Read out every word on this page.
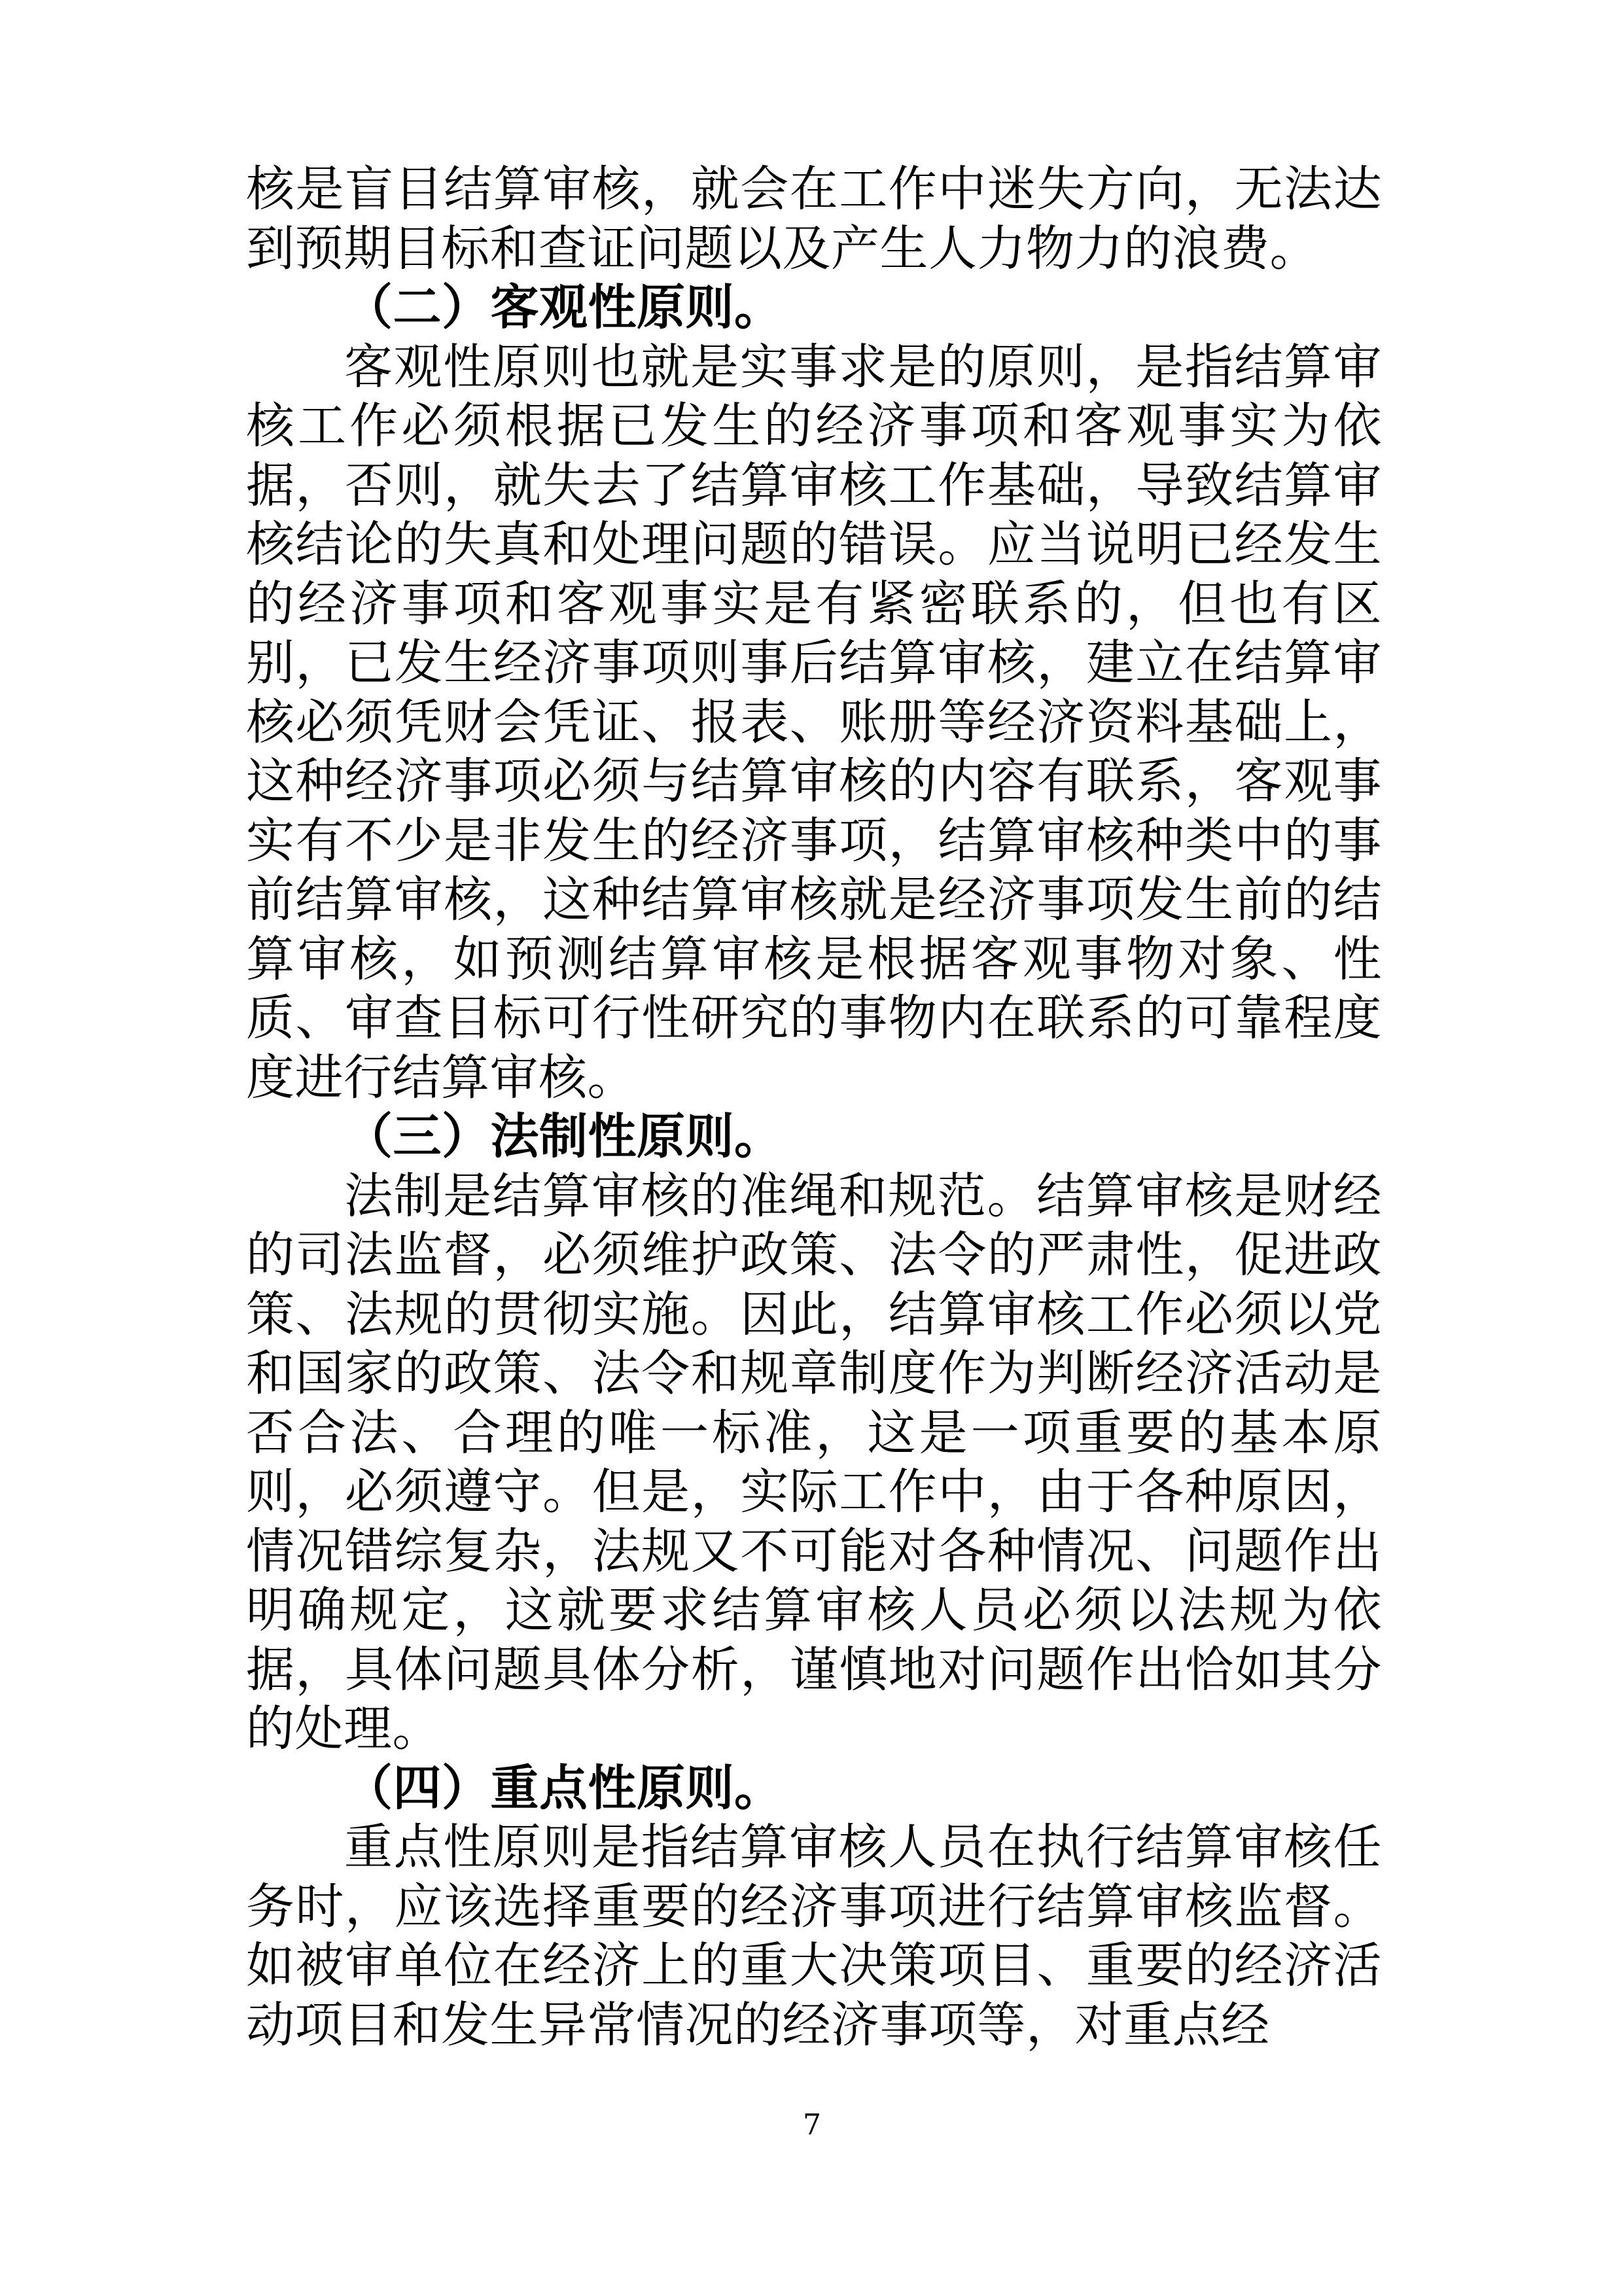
核是盲目结算审核，就会在工作中迷失方向，无法达到预期目标和查证问题以及产生人力物力的浪费。

（二）客观性原则。

客观性原则也就是实事求是的原则，是指结算审核工作必须根据已发生的经济事项和客观事实为依据，否则，就失去了结算审核工作基础，导致结算审核结论的失真和处理问题的错误。应当说明已经发生的经济事项和客观事实是有紧密联系的，但也有区别，已发生经济事项则事后结算审核，建立在结算审核必须凭财会凭证、报表、账册等经济资料基础上，这种经济事项必须与结算审核的内容有联系，客观事实有不少是非发生的经济事项，结算审核种类中的事前结算审核，这种结算审核就是经济事项发生前的结算审核，如预测结算审核是根据客观事物对象、性质、审查目标可行性研究的事物内在联系的可靠程度度进行结算审核。

（三）法制性原则。

法制是结算审核的准绳和规范。结算审核是财经的司法监督，必须维护政策、法令的严肃性，促进政策、法规的贯彻实施。因此，结算审核工作必须以党和国家的政策、法令和规章制度作为判断经济活动是否合法、合理的唯一标准，这是一项重要的基本原则，必须遵守。但是，实际工作中，由于各种原因，情况错综复杂，法规又不可能对各种情况、问题作出明确规定，这就要求结算审核人员必须以法规为依据，具体问题具体分析，谨慎地对问题作出恰如其分的处理。

（四）重点性原则。

重点性原则是指结算审核人员在执行结算审核任务时，应该选择重要的经济事项进行结算审核监督。如被审单位在经济上的重大决策项目、重要的经济活动项目和发生异常情况的经济事项等，对重点经

7
